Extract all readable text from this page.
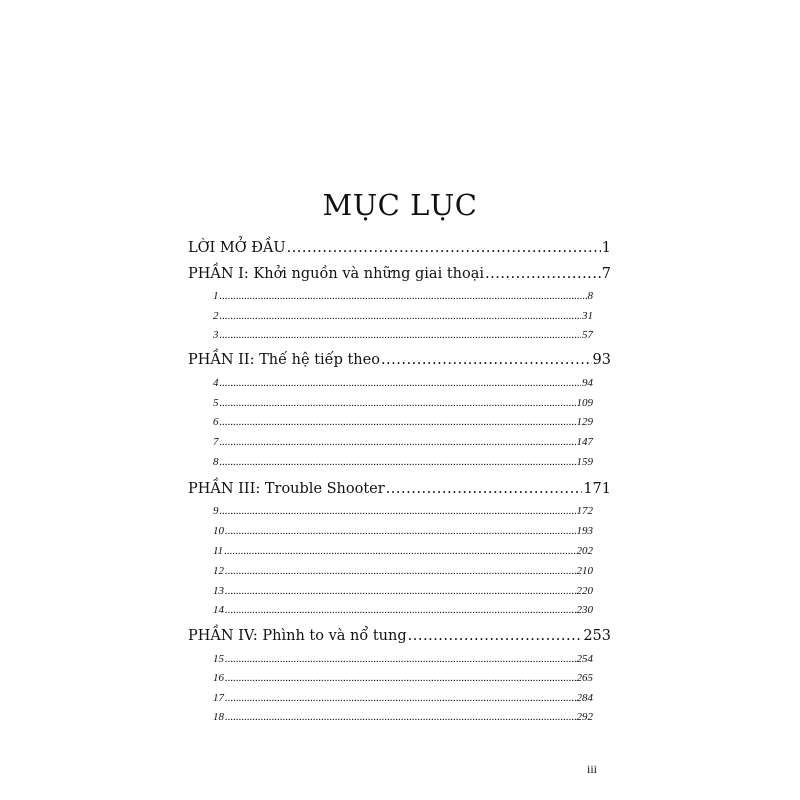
MỤC LỤC
LỜI MỞ ĐẦU .....	1
PHẦN I: Khởi nguồn và những giai thoại .....	7
1 .....	8
2 .....	31
3 .....	57
PHẦN II: Thế hệ tiếp theo .....	93
4 .....	94
5 .....	109
6 .....	129
7 .....	147
8 .....	159
PHẦN III: Trouble Shooter .....	171
9 .....	172
10 .....	193
11 .....	202
12 .....	210
13 .....	220
14 .....	230
PHẦN IV: Phình to và nổ tung .....	253
15 .....	254
16 .....	265
17 .....	284
18 .....	292
iii
